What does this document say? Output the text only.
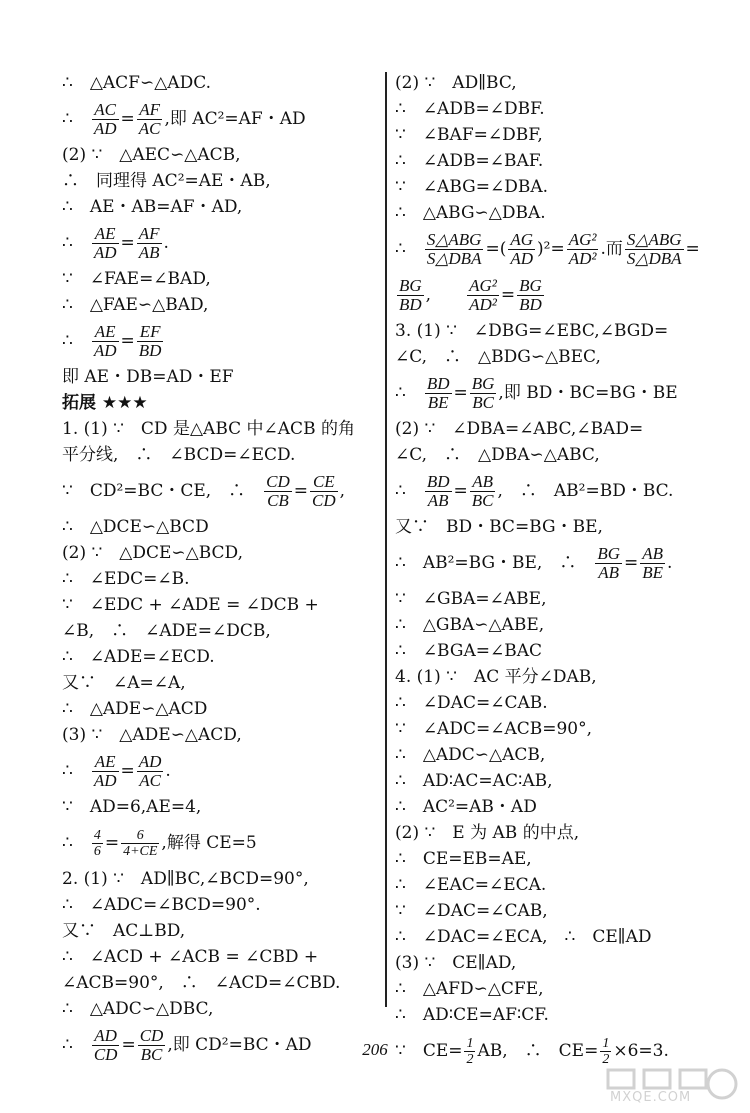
∴　△ACF∽△ADC.
∴　 $\frac{AC}{AD} = \frac{AF}{AC}$ ,即 AC²=AF・AD
(2) ∵　△AEC∽△ACB,
∴　同理得 AC²=AE・AB,
∴　AE・AB=AF・AD,
∴　 $\frac{AE}{AD} = \frac{AF}{AB}$ .
∵　∠FAE=∠BAD,
∴　△FAE∽△BAD,
∴　 $\frac{AE}{AD} = \frac{EF}{BD}$
即 AE・DB=AD・EF
拓展 ★★★
1. (1) ∵　CD 是△ABC 中∠ACB 的角
平分线,　∴　∠BCD=∠ECD.
∵　CD²=BC・CE,　∴　 $\frac{CD}{CB} = \frac{CE}{CD}$ ,
∴　△DCE∽△BCD
(2) ∵　△DCE∽△BCD,
∴　∠EDC=∠B.
∵　∠EDC + ∠ADE = ∠DCB +
∠B,　∴　∠ADE=∠DCB,
∴　∠ADE=∠ECD.
又∵　∠A=∠A,
∴　△ADE∽△ACD
(3) ∵　△ADE∽△ACD,
∴　 $\frac{AE}{AD} = \frac{AD}{AC}$ .
∵　AD=6,AE=4,
∴　 $\frac{4}{6} = \frac{6}{4+CE}$ ,解得 CE=5
2. (1) ∵　AD∥BC,∠BCD=90°,
∴　∠ADC=∠BCD=90°.
又∵　AC⊥BD,
∴　∠ACD + ∠ACB = ∠CBD +
∠ACB=90°,　∴　∠ACD=∠CBD.
∴　△ADC∽△DBC,
∴　 $\frac{AD}{CD} = \frac{CD}{BC}$ ,即 CD²=BC・AD
(2) ∵　AD∥BC,
∴　∠ADB=∠DBF.
∵　∠BAF=∠DBF,
∴　∠ADB=∠BAF.
∵　∠ABG=∠DBA.
∴　△ABG∽△DBA.
∴　 $\frac{\text{S△ABG}}{\text{S△DBA}}$ =( $\frac{AG}{AD} )^2= \frac{\text{AG²}}{\text{AD²}}$ .而 $\frac{\text{S△ABG}}{\text{S△DBA}}$ =
$\frac{BG}{BD}$ ,　　 $\frac{\text{AG²}}{\text{AD²}} = \frac{BG}{BD}$
3. (1) ∵　∠DBG=∠EBC,∠BGD=
∠C,　∴　△BDG∽△BEC,
∴　 $\frac{BD}{BE} = \frac{BG}{BC}$ ,即 BD・BC=BG・BE
(2) ∵　∠DBA=∠ABC,∠BAD=
∠C,　∴　△DBA∽△ABC,
∴　 $\frac{BD}{AB} = \frac{AB}{BC}$ ,　∴　AB²=BD・BC.
又∵　BD・BC=BG・BE,
∴　AB²=BG・BE,　∴　 $\frac{BG}{AB} = \frac{AB}{BE}$ .
∵　∠GBA=∠ABE,
∴　△GBA∽△ABE,
∴　∠BGA=∠BAC
4. (1) ∵　AC 平分∠DAB,
∴　∠DAC=∠CAB.
∵　∠ADC=∠ACB=90°,
∴　△ADC∽△ACB,
∴　AD∶AC=AC∶AB,
∴　AC²=AB・AD
(2) ∵　E 为 AB 的中点,
∴　CE=EB=AE,
∴　∠EAC=∠ECA.
∵　∠DAC=∠CAB,
∴　∠DAC=∠ECA,　∴　CE∥AD
(3) ∵　CE∥AD,
∴　△AFD∽△CFE,
∴　AD∶CE=AF∶CF.
∵　$CE= \frac{1}{2}$ AB,　∴　$CE= \frac{1}{2} \times 6=3$.
206
MXQE.COM
